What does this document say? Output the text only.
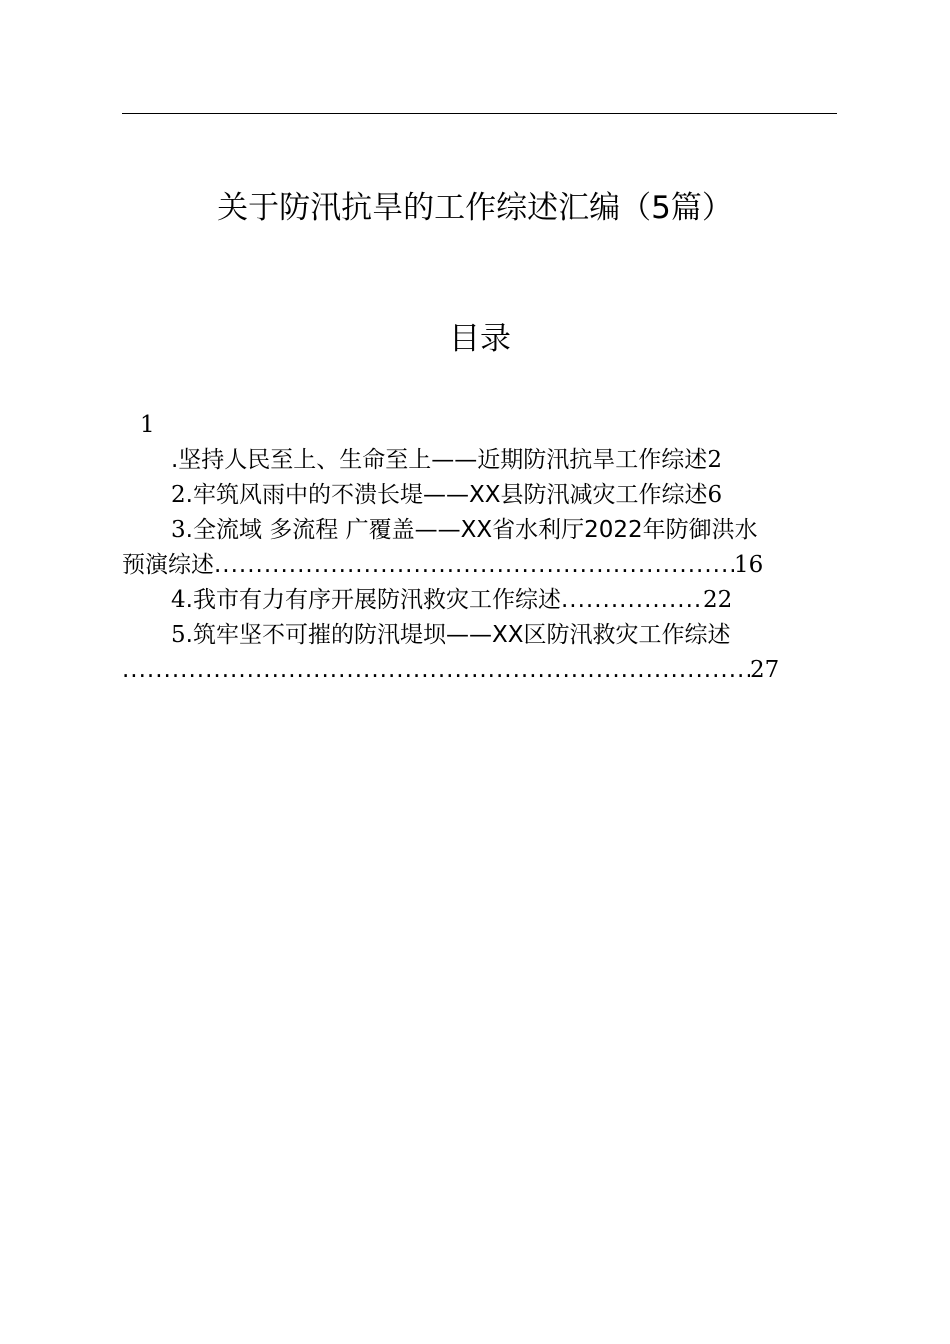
关于防汛抗旱的工作综述汇编（5篇）
目录
1
.坚持人民至上、生命至上——近期防汛抗旱工作综述2
2.牢筑风雨中的不溃长堤——XX县防汛减灾工作综述6
3.全流域 多流程 广覆盖——XX省水利厅2022年防御洪水
预演综述 .....	16
4.我市有力有序开展防汛救灾工作综述 .....	22
5.筑牢坚不可摧的防汛堤坝——XX区防汛救灾工作综述
.....27
